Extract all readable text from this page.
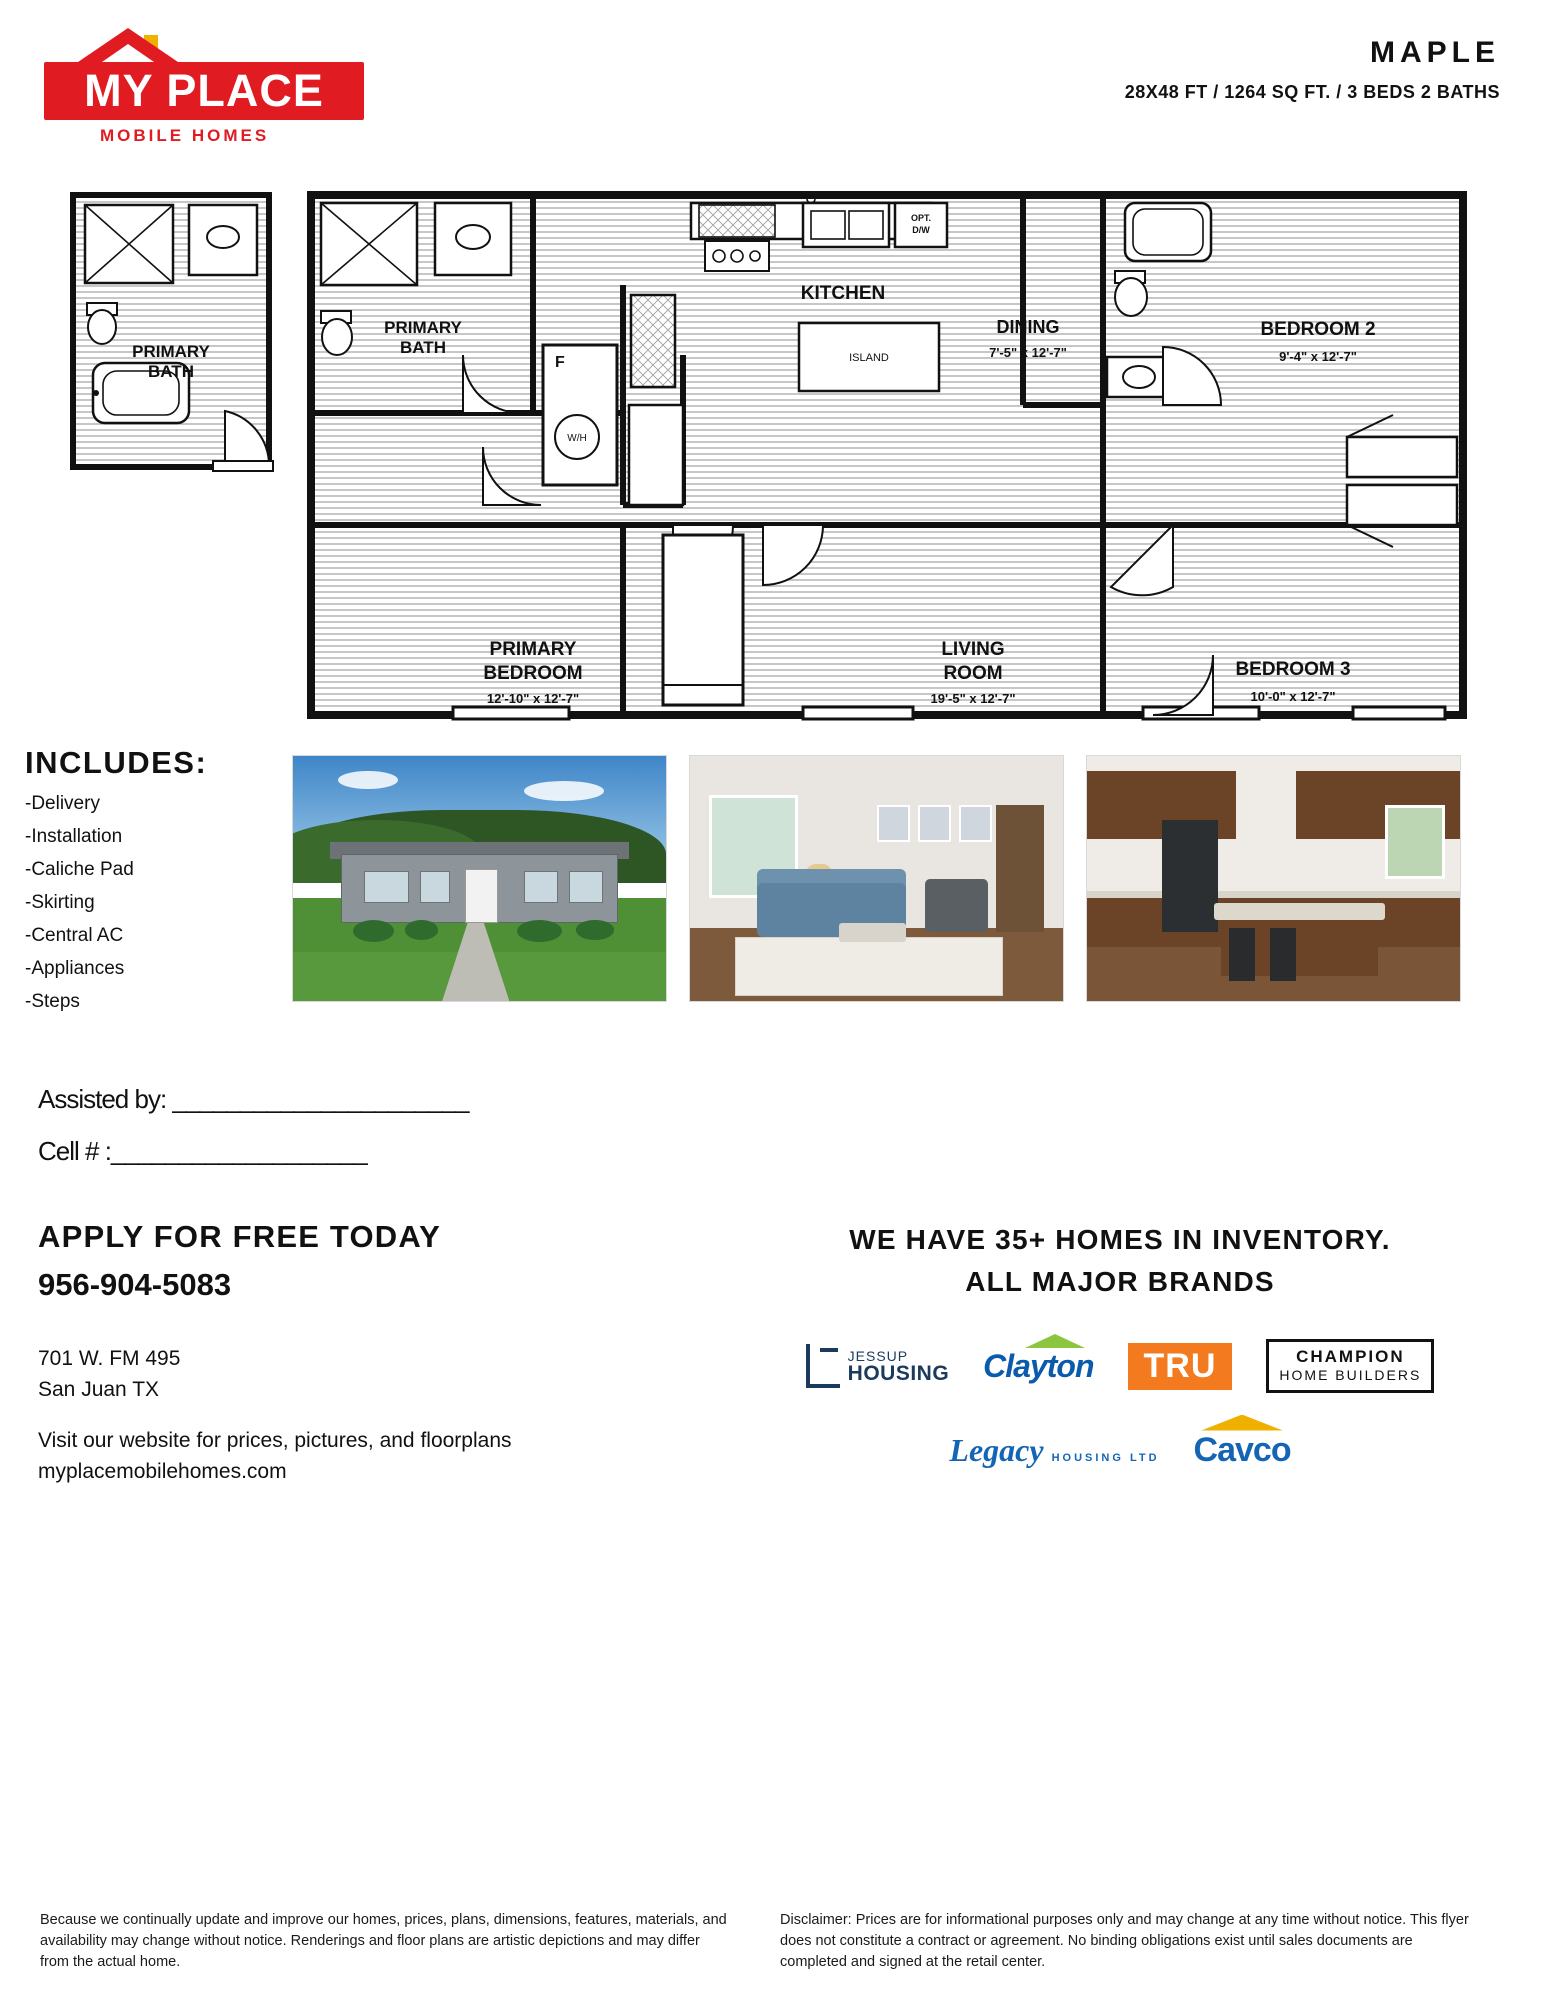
MY PLACE
MOBILE HOMES
MAPLE
28X48 FT / 1264 SQ FT. / 3 BEDS 2 BATHS
PRIMARY
BATH
PRIMARY
BATH
F
W/H
OPT.
D/W
ISLAND
KITCHEN
DINING
7'-5" x 12'-7"
BEDROOM 2
9'-4" x 12'-7"
PRIMARY
BEDROOM
12'-10" x 12'-7"
LIVING
ROOM
19'-5" x 12'-7"
BEDROOM 3
10'-0" x 12'-7"
INCLUDES:
-Delivery
-Installation
-Caliche Pad
-Skirting
-Central AC
-Appliances
-Steps
Assisted by: ______________________
Cell # :___________________
APPLY FOR FREE TODAY
956-904-5083
701 W. FM 495
San Juan TX
Visit our website for prices, pictures, and floorplans
myplacemobilehomes.com
WE HAVE 35+ HOMES IN INVENTORY.
ALL MAJOR BRANDS
JESSUP
HOUSING Clayton	TRU	CHAMPION
HOME BUILDERS
Legacy HOUSING LTD Cavco

Because we continually update and improve our homes, prices, plans, dimensions, features, materials, and availability may change without notice. Renderings and floor plans are artistic depictions and may differ from the actual home.

Disclaimer: Prices are for informational purposes only and may change at any time without notice. This flyer does not constitute a contract or agreement. No binding obligations exist until sales documents are completed and signed at the retail center.
